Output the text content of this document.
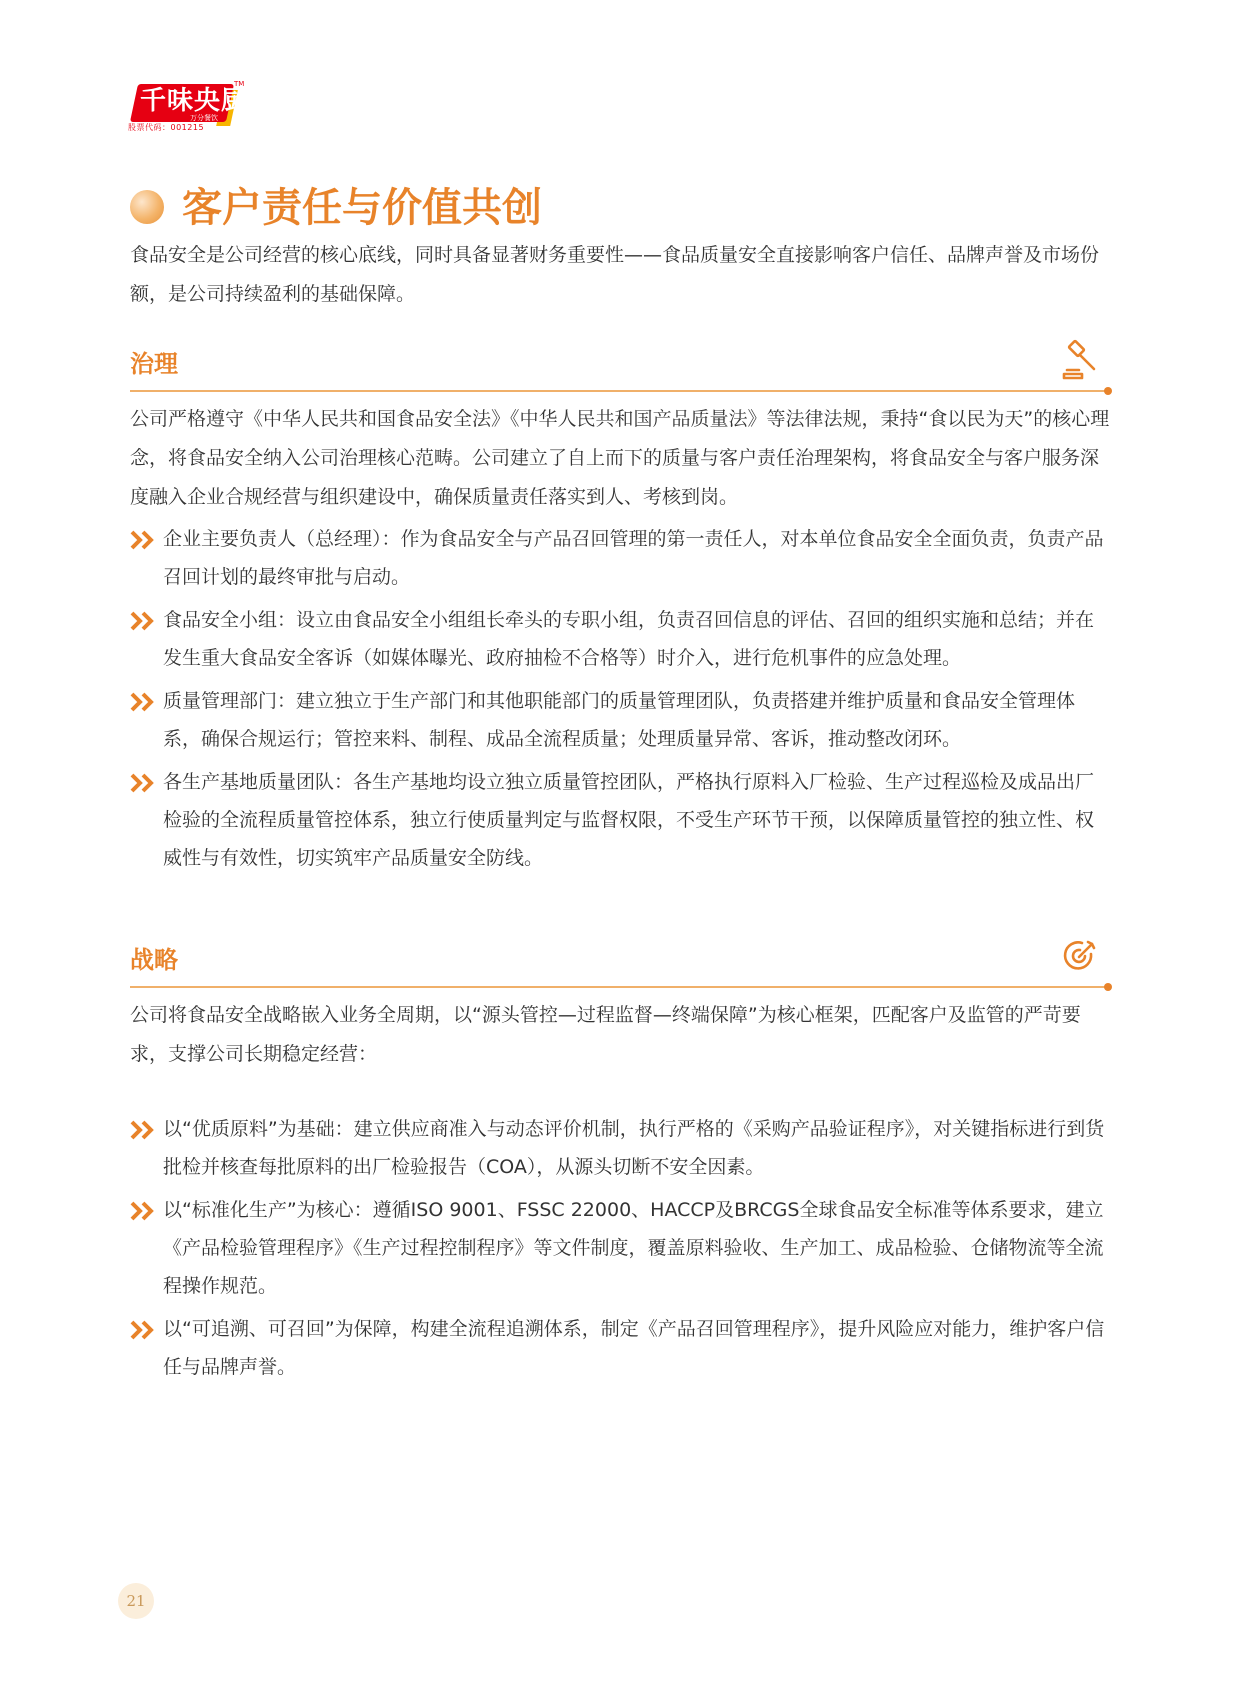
千味央厨
万分餐饮
TM
股票代码：001215
客户责任与价值共创
食品安全是公司经营的核心底线，同时具备显著财务重要性——食品质量安全直接影响客户信任、品牌声誉及市场份额，是公司持续盈利的基础保障。
治理
公司严格遵守《中华人民共和国食品安全法》《中华人民共和国产品质量法》等法律法规，秉持“食以民为天”的核心理念，将食品安全纳入公司治理核心范畴。公司建立了自上而下的质量与客户责任治理架构，将食品安全与客户服务深度融入企业合规经营与组织建设中，确保质量责任落实到人、考核到岗。
企业主要负责人（总经理）：作为食品安全与产品召回管理的第一责任人，对本单位食品安全全面负责，负责产品召回计划的最终审批与启动。
食品安全小组：设立由食品安全小组组长牵头的专职小组，负责召回信息的评估、召回的组织实施和总结；并在发生重大食品安全客诉（如媒体曝光、政府抽检不合格等）时介入，进行危机事件的应急处理。
质量管理部门：建立独立于生产部门和其他职能部门的质量管理团队，负责搭建并维护质量和食品安全管理体系，确保合规运行；管控来料、制程、成品全流程质量；处理质量异常、客诉，推动整改闭环。
各生产基地质量团队：各生产基地均设立独立质量管控团队，严格执行原料入厂检验、生产过程巡检及成品出厂检验的全流程质量管控体系，独立行使质量判定与监督权限，不受生产环节干预，以保障质量管控的独立性、权威性与有效性，切实筑牢产品质量安全防线。
战略
公司将食品安全战略嵌入业务全周期，以“源头管控—过程监督—终端保障”为核心框架，匹配客户及监管的严苛要求，支撑公司长期稳定经营：
以“优质原料”为基础：建立供应商准入与动态评价机制，执行严格的《采购产品验证程序》，对关键指标进行到货批检并核查每批原料的出厂检验报告（COA），从源头切断不安全因素。
以“标准化生产”为核心：遵循ISO 9001、FSSC 22000、HACCP及BRCGS全球食品安全标准等体系要求，建立《产品检验管理程序》《生产过程控制程序》等文件制度，覆盖原料验收、生产加工、成品检验、仓储物流等全流程操作规范。
以“可追溯、可召回”为保障，构建全流程追溯体系，制定《产品召回管理程序》，提升风险应对能力，维护客户信任与品牌声誉。
21
